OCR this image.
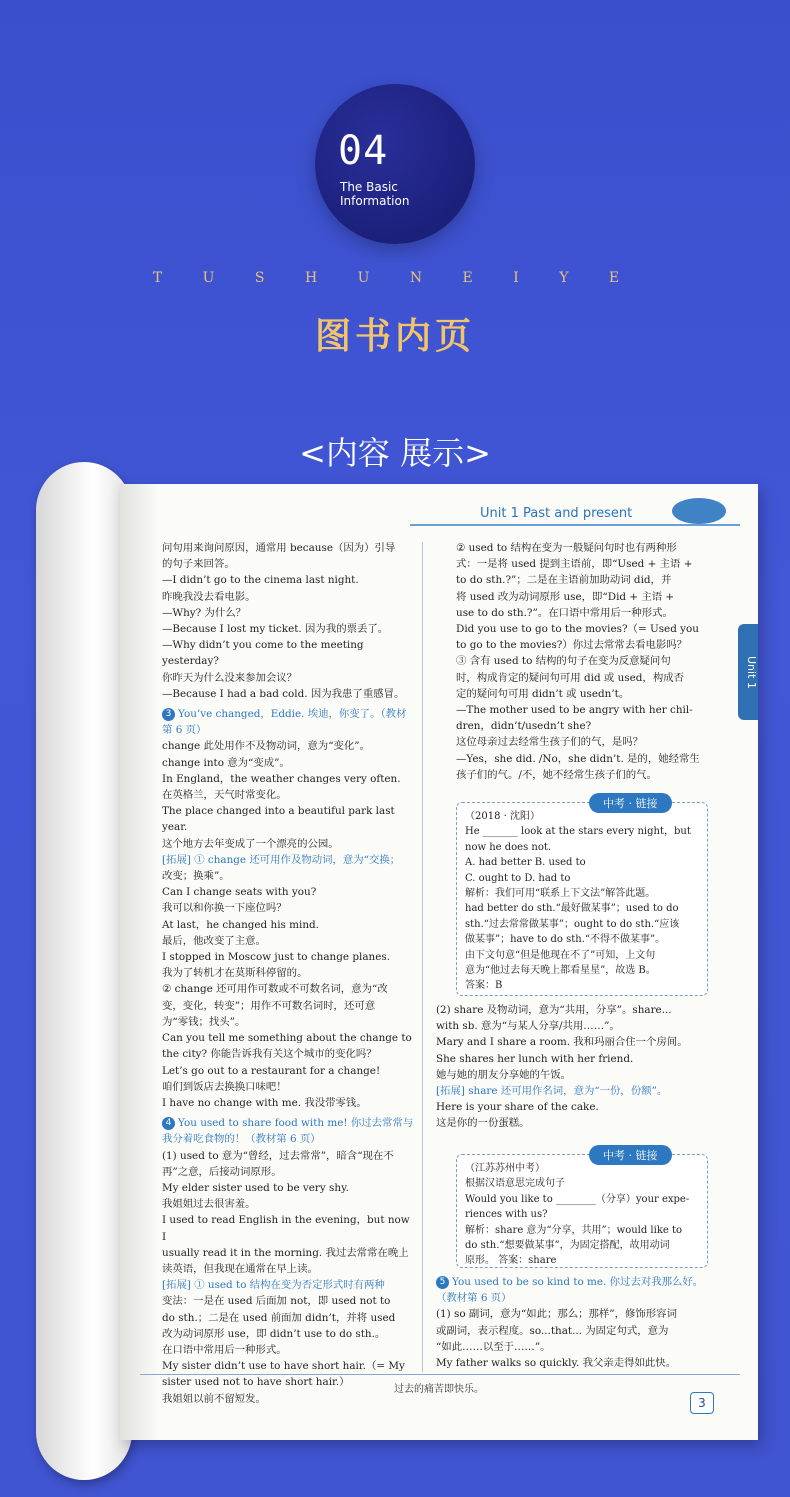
04
The Basic
Information
T U S H U N E I Y E
图书内页
<内容 展示>
Unit 1 Past and present
Unit 1
问句用来询问原因，通常用 because（因为）引导
的句子来回答。
—I didn’t go to the cinema last night.
昨晚我没去看电影。
—Why? 为什么？
—Because I lost my ticket. 因为我的票丢了。
—Why didn’t you come to the meeting yesterday?
你昨天为什么没来参加会议？
—Because I had a bad cold. 因为我患了重感冒。
3 You’ve changed，Eddie. 埃迪，你变了。（教材第 6 页）
change 此处用作不及物动词，意为“变化”。
change into 意为“变成”。
In England，the weather changes very often.
在英格兰，天气时常变化。
The place changed into a beautiful park last year.
这个地方去年变成了一个漂亮的公园。
[拓展] ① change 还可用作及物动词，意为“交换；
改变；换乘”。
Can I change seats with you?
我可以和你换一下座位吗？
At last，he changed his mind.
最后，他改变了主意。
I stopped in Moscow just to change planes.
我为了转机才在莫斯科停留的。
② change 还可用作可数或不可数名词，意为“改
变，变化，转变”；用作不可数名词时，还可意
为“零钱；找头”。
Can you tell me something about the change to
the city? 你能告诉我有关这个城市的变化吗？
Let’s go out to a restaurant for a change!
咱们到饭店去换换口味吧！
I have no change with me. 我没带零钱。
4 You used to share food with me! 你过去常常与我分着吃食物的！（教材第 6 页）
(1) used to 意为“曾经，过去常常”，暗含“现在不
再”之意，后接动词原形。
My elder sister used to be very shy.
我姐姐过去很害羞。
I used to read English in the evening，but now I
usually read it in the morning. 我过去常常在晚上
读英语，但我现在通常在早上读。
[拓展] ① used to 结构在变为否定形式时有两种
变法：一是在 used 后面加 not，即 used not to
do sth.；二是在 used 前面加 didn’t，并将 used
改为动词原形 use，即 didn’t use to do sth.。
在口语中常用后一种形式。
My sister didn’t use to have short hair.（= My
sister used not to have short hair.）
我姐姐以前不留短发。
② used to 结构在变为一般疑问句时也有两种形
式：一是将 used 提到主语前，即“Used + 主语 +
to do sth.?”；二是在主语前加助动词 did，并
将 used 改为动词原形 use，即“Did + 主语 +
use to do sth.?”。在口语中常用后一种形式。
Did you use to go to the movies?（= Used you
to go to the movies?）你过去常常去看电影吗？
③ 含有 used to 结构的句子在变为反意疑问句
时，构成肯定的疑问句可用 did 或 used，构成否
定的疑问句可用 didn’t 或 usedn’t。
—The mother used to be angry with her chil-
dren，didn’t/usedn’t she?
这位母亲过去经常生孩子们的气，是吗？
—Yes，she did. /No，she didn’t. 是的，她经常生
孩子们的气。/不，她不经常生孩子们的气。
中考 · 链接
（2018 · 沈阳）
He _______ look at the stars every night，but
now he does not.
A. had better B. used to
C. ought to D. had to
解析：我们可用“联系上下文法”解答此题。
had better do sth.“最好做某事”；used to do
sth.“过去常常做某事”；ought to do sth.“应该
做某事”；have to do sth.“不得不做某事”。
由下文句意“但是他现在不了”可知，上文句
意为“他过去每天晚上都看星星”，故选 B。
答案：B
(2) share 及物动词，意为“共用，分享”。share...
with sb. 意为“与某人分享/共用……”。
Mary and I share a room. 我和玛丽合住一个房间。
She shares her lunch with her friend.
她与她的朋友分享她的午饭。
[拓展] share 还可用作名词，意为“一份，份额”。
Here is your share of the cake.
这是你的一份蛋糕。
中考 · 链接
（江苏苏州中考）
根据汉语意思完成句子
Would you like to ________（分享）your expe-
riences with us?
解析：share 意为“分享，共用”；would like to
do sth.“想要做某事”，为固定搭配，故用动词
原形。 答案：share
5 You used to be so kind to me. 你过去对我那么好。（教材第 6 页）
(1) so 副词，意为“如此；那么；那样”，修饰形容词
或副词，表示程度。so...that... 为固定句式，意为
“如此……以至于……”。
My father walks so quickly. 我父亲走得如此快。
过去的痛苦即快乐。
3
